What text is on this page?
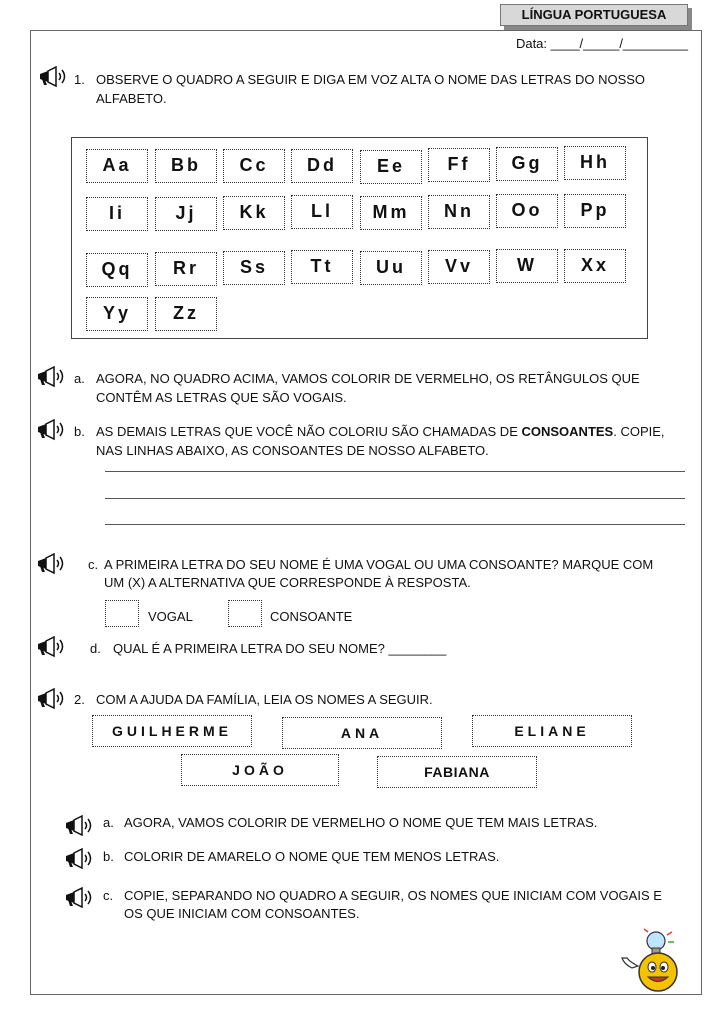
LÍNGUA PORTUGUESA
Data: ____/_____/_________
1. OBSERVE O QUADRO A SEGUIR E DIGA EM VOZ ALTA O NOME DAS LETRAS DO NOSSO
ALFABETO.
Aa	Bb	Cc	Dd	Ee	Ff	Gg	Hh
Ii	Jj	Kk	Ll	Mm	Nn	Oo	Pp
Qq	Rr	Ss	Tt	Uu	Vv	W	Xx
Yy	Zz
a. AGORA, NO QUADRO ACIMA, VAMOS COLORIR DE VERMELHO, OS RETÂNGULOS QUE
CONTÊM AS LETRAS QUE SÃO VOGAIS.
b. AS DEMAIS LETRAS QUE VOCÊ NÃO COLORIU SÃO CHAMADAS DE CONSOANTES. COPIE,
NAS LINHAS ABAIXO, AS CONSOANTES DE NOSSO ALFABETO.
c. A PRIMEIRA LETRA DO SEU NOME É UMA VOGAL OU UMA CONSOANTE? MARQUE COM
UM (X) A ALTERNATIVA QUE CORRESPONDE À RESPOSTA.
VOGAL	CONSOANTE
d. QUAL É A PRIMEIRA LETRA DO SEU NOME? ________
2. COM A AJUDA DA FAMÍLIA, LEIA OS NOMES A SEGUIR.
GUILHERME	ANA	ELIANE
JOÃO	FABIANA
a. AGORA, VAMOS COLORIR DE VERMELHO O NOME QUE TEM MAIS LETRAS.
b. COLORIR DE AMARELO O NOME QUE TEM MENOS LETRAS.
c. COPIE, SEPARANDO NO QUADRO A SEGUIR, OS NOMES QUE INICIAM COM VOGAIS E
OS QUE INICIAM COM CONSOANTES.
